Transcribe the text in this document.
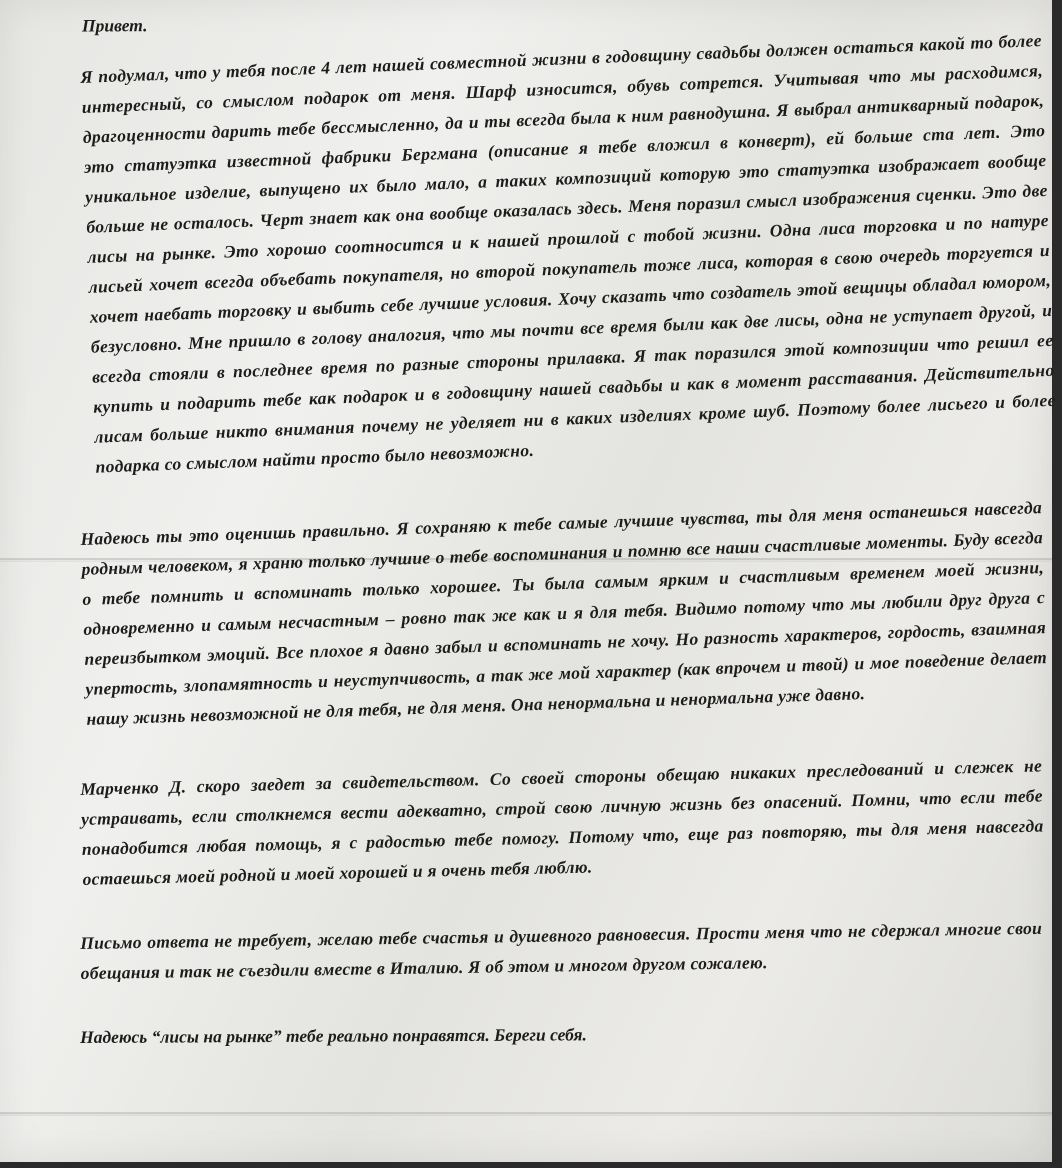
Привет.

Я подумал, что у тебя после 4 лет нашей совместной жизни в годовщину свадьбы должен остаться какой то более интересный, со смыслом подарок от меня. Шарф износится, обувь сотрется. Учитывая что мы расходимся, драгоценности дарить тебе бессмысленно, да и ты всегда была к ним равнодушна. Я выбрал антикварный подарок, это статуэтка известной фабрики Бергмана (описание я тебе вложил в конверт), ей больше ста лет. Это уникальное изделие, выпущено их было мало, а таких композиций которую это статуэтка изображает вообще больше не осталось. Черт знает как она вообще оказалась здесь. Меня поразил смысл изображения сценки. Это две лисы на рынке. Это хорошо соотносится и к нашей прошлой с тобой жизни. Одна лиса торговка и по натуре лисьей хочет всегда объебать покупателя, но второй покупатель тоже лиса, которая в свою очередь торгуется и хочет наебать торговку и выбить себе лучшие условия. Хочу сказать что создатель этой вещицы обладал юмором, безусловно. Мне пришло в голову аналогия, что мы почти все время были как две лисы, одна не уступает другой, и всегда стояли в последнее время по разные стороны прилавка. Я так поразился этой композиции что решил ее купить и подарить тебе как подарок и в годовщину нашей свадьбы и как в момент расставания. Действительно лисам больше никто внимания почему не уделяет ни в каких изделиях кроме шуб. Поэтому более лисьего и более подарка со смыслом найти просто было невозможно.

Надеюсь ты это оценишь правильно. Я сохраняю к тебе самые лучшие чувства, ты для меня останешься навсегда родным человеком, я храню только лучшие о тебе воспоминания и помню все наши счастливые моменты. Буду всегда о тебе помнить и вспоминать только хорошее. Ты была самым ярким и счастливым временем моей жизни, одновременно и самым несчастным – ровно так же как и я для тебя. Видимо потому что мы любили друг друга с переизбытком эмоций. Все плохое я давно забыл и вспоминать не хочу. Но разность характеров, гордость, взаимная упертость, злопамятность и неуступчивость, а так же мой характер (как впрочем и твой) и мое поведение делает нашу жизнь невозможной не для тебя, не для меня. Она ненормальна и ненормальна уже давно.

Марченко Д. скоро заедет за свидетельством. Со своей стороны обещаю никаких преследований и слежек не устраивать, если столкнемся вести адекватно, строй свою личную жизнь без опасений. Помни, что если тебе понадобится любая помощь, я с радостью тебе помогу. Потому что, еще раз повторяю, ты для меня навсегда остаешься моей родной и моей хорошей и я очень тебя люблю.

Письмо ответа не требует, желаю тебе счастья и душевного равновесия. Прости меня что не сдержал многие свои обещания и так не съездили вместе в Италию. Я об этом и многом другом сожалею.

Надеюсь “лисы на рынке” тебе реально понравятся. Береги себя.
